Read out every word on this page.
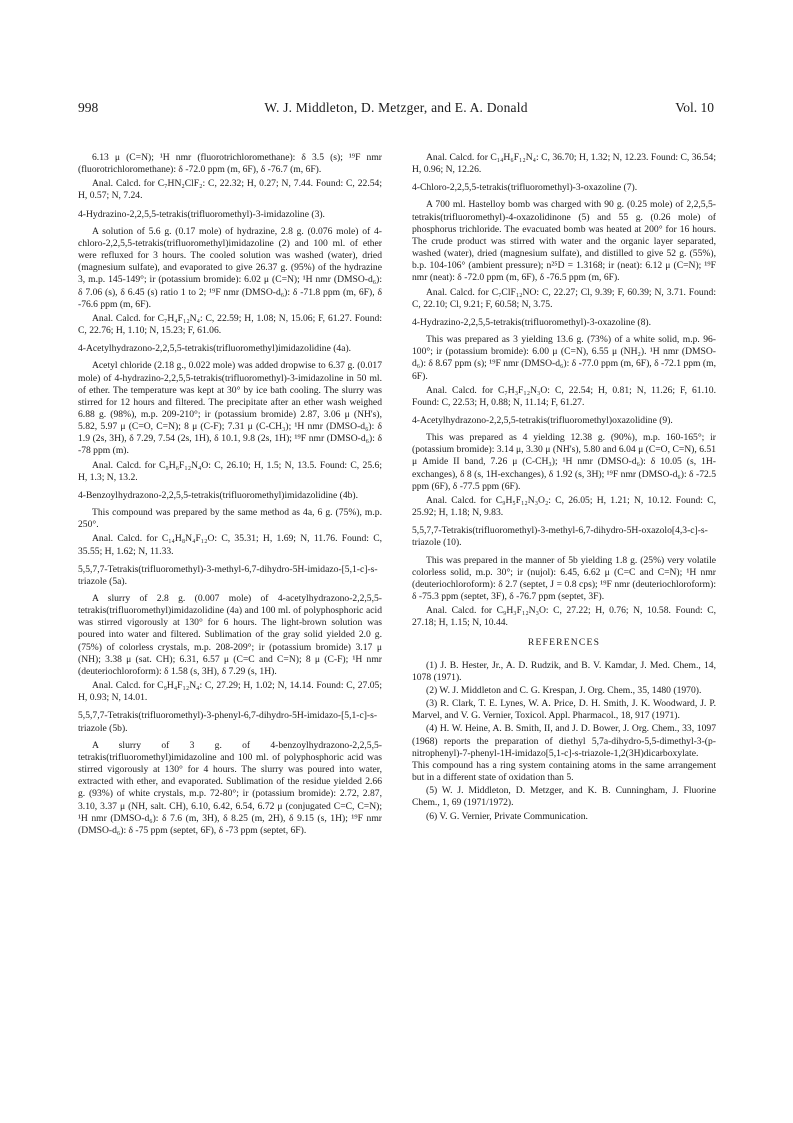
998	W. J. Middleton, D. Metzger, and E. A. Donald	Vol. 10

6.13 μ (C=N); ¹H nmr (fluorotrichloromethane): δ 3.5 (s); ¹⁹F nmr (fluorotrichloromethane): δ -72.0 ppm (m, 6F), δ -76.7 (m, 6F).

Anal. Calcd. for C₇HN₂ClF₂: C, 22.32; H, 0.27; N, 7.44. Found: C, 22.54; H, 0.57; N, 7.24.

4-Hydrazino-2,2,5,5-tetrakis(trifluoromethyl)-3-imidazoline (3).

A solution of 5.6 g. (0.17 mole) of hydrazine, 2.8 g. (0.076 mole) of 4-chloro-2,2,5,5-tetrakis(trifluoromethyl)imidazoline (2) and 100 ml. of ether were refluxed for 3 hours. The cooled solution was washed (water), dried (magnesium sulfate), and evaporated to give 26.37 g. (95%) of the hydrazine 3, m.p. 145-149°; ir (potassium bromide): 6.02 μ (C=N); ¹H nmr (DMSO-d₆): δ 7.06 (s), δ 6.45 (s) ratio 1 to 2; ¹⁹F nmr (DMSO-d₆): δ -71.8 ppm (m, 6F), δ -76.6 ppm (m, 6F).

Anal. Calcd. for C₇H₄F₁₂N₄: C, 22.59; H, 1.08; N, 15.06; F, 61.27. Found: C, 22.76; H, 1.10; N, 15.23; F, 61.06.

4-Acetylhydrazono-2,2,5,5-tetrakis(trifluoromethyl)imidazolidine (4a).

Acetyl chloride (2.18 g., 0.022 mole) was added dropwise to 6.37 g. (0.017 mole) of 4-hydrazino-2,2,5,5-tetrakis(trifluoromethyl)-3-imidazoline in 50 ml. of ether. The temperature was kept at 30° by ice bath cooling. The slurry was stirred for 12 hours and filtered. The precipitate after an ether wash weighed 6.88 g. (98%), m.p. 209-210°; ir (potassium bromide) 2.87, 3.06 μ (NH's), 5.82, 5.97 μ (C=O, C=N); 8 μ (C-F); 7.31 μ (C-CH₃); ¹H nmr (DMSO-d₆): δ 1.9 (2s, 3H), δ 7.29, 7.54 (2s, 1H), δ 10.1, 9.8 (2s, 1H); ¹⁹F nmr (DMSO-d₆): δ -78 ppm (m).

Anal. Calcd. for C₉H₆F₁₂N₄O: C, 26.10; H, 1.5; N, 13.5. Found: C, 25.6; H, 1.3; N, 13.2.

4-Benzoylhydrazono-2,2,5,5-tetrakis(trifluoromethyl)imidazolidine (4b).

This compound was prepared by the same method as 4a, 6 g. (75%), m.p. 250°.

Anal. Calcd. for C₁₄H₈N₄F₁₂O: C, 35.31; H, 1.69; N, 11.76. Found: C, 35.55; H, 1.62; N, 11.33.

5,5,7,7-Tetrakis(trifluoromethyl)-3-methyl-6,7-dihydro-5H-imidazo-[5,1-c]-s-triazole (5a).

A slurry of 2.8 g. (0.007 mole) of 4-acetylhydrazono-2,2,5,5-tetrakis(trifluoromethyl)imidazolidine (4a) and 100 ml. of polyphosphoric acid was stirred vigorously at 130° for 6 hours. The light-brown solution was poured into water and filtered. Sublimation of the gray solid yielded 2.0 g. (75%) of colorless crystals, m.p. 208-209°; ir (potassium bromide) 3.17 μ (NH); 3.38 μ (sat. CH); 6.31, 6.57 μ (C=C and C=N); 8 μ (C-F); ¹H nmr (deuteriochloroform): δ 1.58 (s, 3H), δ 7.29 (s, 1H).

Anal. Calcd. for C₉H₄F₁₂N₄: C, 27.29; H, 1.02; N, 14.14. Found: C, 27.05; H, 0.93; N, 14.01.

5,5,7,7-Tetrakis(trifluoromethyl)-3-phenyl-6,7-dihydro-5H-imidazo-[5,1-c]-s-triazole (5b).

A slurry of 3 g. of 4-benzoylhydrazono-2,2,5,5-tetrakis(trifluoromethyl)imidazoline and 100 ml. of polyphosphoric acid was stirred vigorously at 130° for 4 hours. The slurry was poured into water, extracted with ether, and evaporated. Sublimation of the residue yielded 2.66 g. (93%) of white crystals, m.p. 72-80°; ir (potassium bromide): 2.72, 2.87, 3.10, 3.37 μ (NH, salt. CH), 6.10, 6.42, 6.54, 6.72 μ (conjugated C=C, C=N); ¹H nmr (DMSO-d₆): δ 7.6 (m, 3H), δ 8.25 (m, 2H), δ 9.15 (s, 1H); ¹⁹F nmr (DMSO-d₆): δ -75 ppm (septet, 6F), δ -73 ppm (septet, 6F).

Anal. Calcd. for C₁₄H₆F₁₂N₄: C, 36.70; H, 1.32; N, 12.23. Found: C, 36.54; H, 0.96; N, 12.26.

4-Chloro-2,2,5,5-tetrakis(trifluoromethyl)-3-oxazoline (7).

A 700 ml. Hastelloy bomb was charged with 90 g. (0.25 mole) of 2,2,5,5-tetrakis(trifluoromethyl)-4-oxazolidinone (5) and 55 g. (0.26 mole) of phosphorus trichloride. The evacuated bomb was heated at 200° for 16 hours. The crude product was stirred with water and the organic layer separated, washed (water), dried (magnesium sulfate), and distilled to give 52 g. (55%), b.p. 104-106° (ambient pressure); n²⁵D = 1.3168; ir (neat): 6.12 μ (C=N); ¹⁹F nmr (neat): δ -72.0 ppm (m, 6F), δ -76.5 ppm (m, 6F).

Anal. Calcd. for C₇ClF₁₂NO: C, 22.27; Cl, 9.39; F, 60.39; N, 3.71. Found: C, 22.10; Cl, 9.21; F, 60.58; N, 3.75.

4-Hydrazino-2,2,5,5-tetrakis(trifluoromethyl)-3-oxazoline (8).

This was prepared as 3 yielding 13.6 g. (73%) of a white solid, m.p. 96-100°; ir (potassium bromide): 6.00 μ (C=N), 6.55 μ (NH₂). ¹H nmr (DMSO-d₆): δ 8.67 ppm (s); ¹⁹F nmr (DMSO-d₆): δ -77.0 ppm (m, 6F), δ -72.1 ppm (m, 6F).

Anal. Calcd. for C₇H₃F₁₂N₃O: C, 22.54; H, 0.81; N, 11.26; F, 61.10. Found: C, 22.53; H, 0.88; N, 11.14; F, 61.27.

4-Acetylhydrazono-2,2,5,5-tetrakis(trifluoromethyl)oxazolidine (9).

This was prepared as 4 yielding 12.38 g. (90%), m.p. 160-165°; ir (potassium bromide): 3.14 μ, 3.30 μ (NH's), 5.80 and 6.04 μ (C=O, C=N), 6.51 μ Amide II band, 7.26 μ (C-CH₃); ¹H nmr (DMSO-d₆): δ 10.05 (s, 1H-exchanges), δ 8 (s, 1H-exchanges), δ 1.92 (s, 3H); ¹⁹F nmr (DMSO-d₆): δ -72.5 ppm (6F), δ -77.5 ppm (6F).

Anal. Calcd. for C₉H₅F₁₂N₃O₂: C, 26.05; H, 1.21; N, 10.12. Found: C, 25.92; H, 1.18; N, 9.83.

5,5,7,7-Tetrakis(trifluoromethyl)-3-methyl-6,7-dihydro-5H-oxazolo[4,3-c]-s-triazole (10).

This was prepared in the manner of 5b yielding 1.8 g. (25%) very volatile colorless solid, m.p. 30°; ir (nujol): 6.45, 6.62 μ (C=C and C=N); ¹H nmr (deuteriochloroform): δ 2.7 (septet, J = 0.8 cps); ¹⁹F nmr (deuteriochloroform): δ -75.3 ppm (septet, 3F), δ -76.7 ppm (septet, 3F).

Anal. Calcd. for C₉H₃F₁₂N₃O: C, 27.22; H, 0.76; N, 10.58. Found: C, 27.18; H, 1.15; N, 10.44.

REFERENCES

(1) J. B. Hester, Jr., A. D. Rudzik, and B. V. Kamdar, J. Med. Chem., 14, 1078 (1971).

(2) W. J. Middleton and C. G. Krespan, J. Org. Chem., 35, 1480 (1970).

(3) R. Clark, T. E. Lynes, W. A. Price, D. H. Smith, J. K. Woodward, J. P. Marvel, and V. G. Vernier, Toxicol. Appl. Pharmacol., 18, 917 (1971).

(4) H. W. Heine, A. B. Smith, II, and J. D. Bower, J. Org. Chem., 33, 1097 (1968) reports the preparation of diethyl 5,7a-dihydro-5,5-dimethyl-3-(p-nitrophenyl)-7-phenyl-1H-imidazo[5,1-c]-s-triazole-1,2(3H)dicarboxylate. This compound has a ring system containing atoms in the same arrangement but in a different state of oxidation than 5.

(5) W. J. Middleton, D. Metzger, and K. B. Cunningham, J. Fluorine Chem., 1, 69 (1971/1972).

(6) V. G. Vernier, Private Communication.
